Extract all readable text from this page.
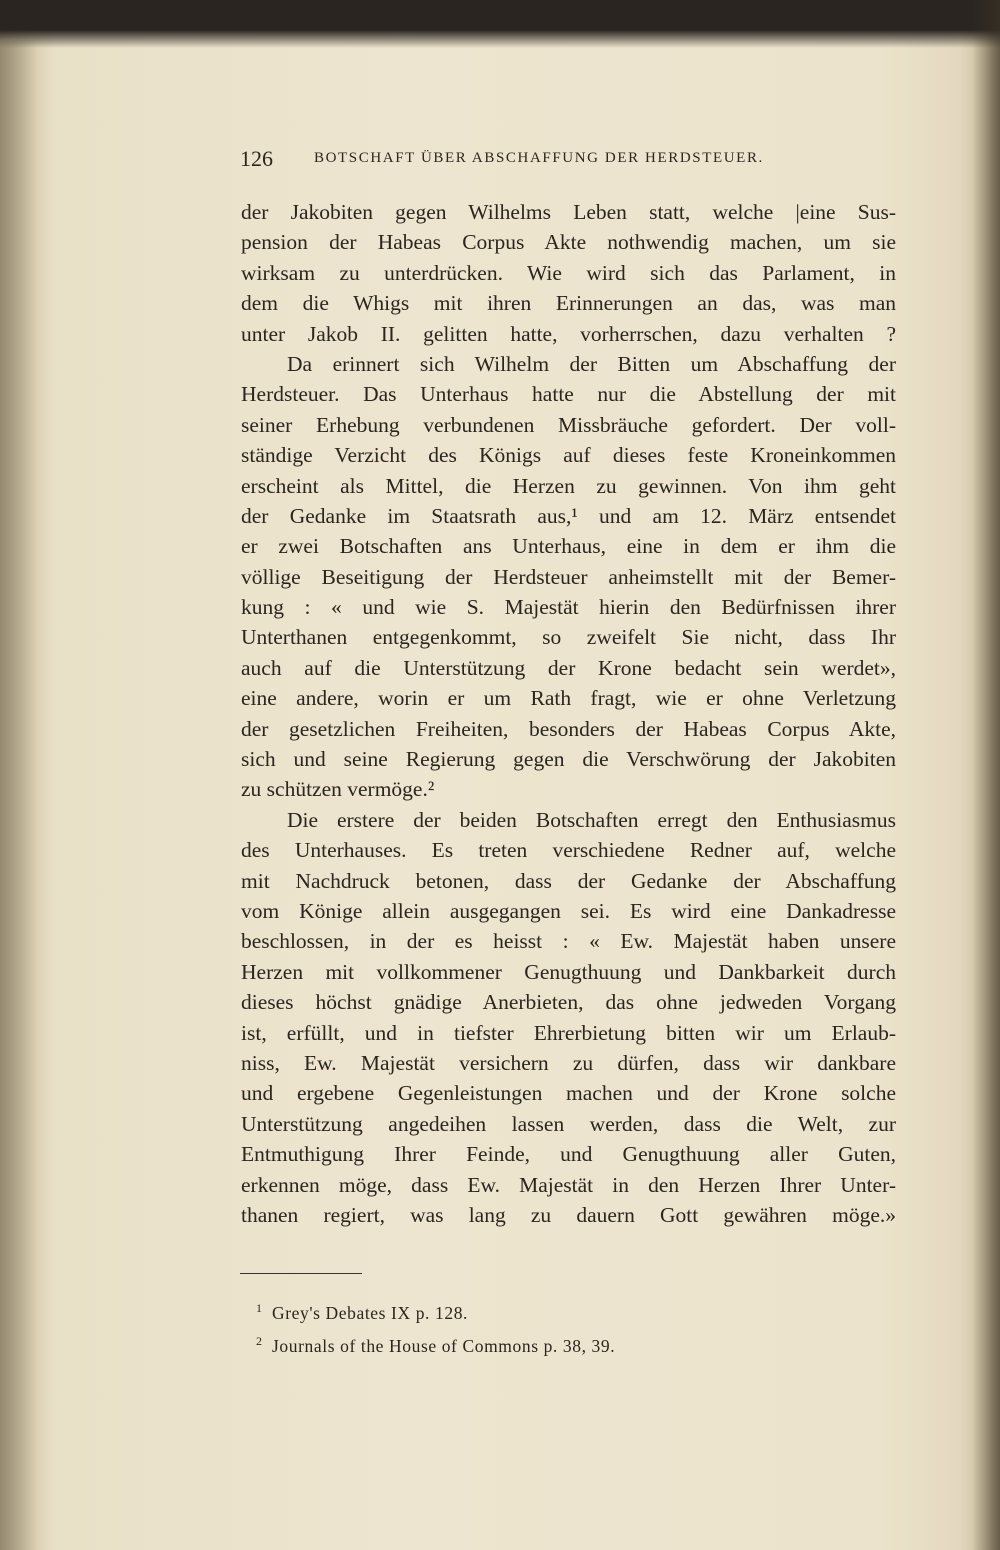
126	BOTSCHAFT ÜBER ABSCHAFFUNG DER HERDSTEUER.
der Jakobiten gegen Wilhelms Leben statt, welche |eine Sus-
pension der Habeas Corpus Akte nothwendig machen, um sie
wirksam zu unterdrücken. Wie wird sich das Parlament, in
dem die Whigs mit ihren Erinnerungen an das, was man
unter Jakob II. gelitten hatte, vorherrschen, dazu verhalten ?
Da erinnert sich Wilhelm der Bitten um Abschaffung der
Herdsteuer. Das Unterhaus hatte nur die Abstellung der mit
seiner Erhebung verbundenen Missbräuche gefordert. Der voll-
ständige Verzicht des Königs auf dieses feste Kroneinkommen
erscheint als Mittel, die Herzen zu gewinnen. Von ihm geht
der Gedanke im Staatsrath aus,¹ und am 12. März entsendet
er zwei Botschaften ans Unterhaus, eine in dem er ihm die
völlige Beseitigung der Herdsteuer anheimstellt mit der Bemer-
kung : « und wie S. Majestät hierin den Bedürfnissen ihrer
Unterthanen entgegenkommt, so zweifelt Sie nicht, dass Ihr
auch auf die Unterstützung der Krone bedacht sein werdet»,
eine andere, worin er um Rath fragt, wie er ohne Verletzung
der gesetzlichen Freiheiten, besonders der Habeas Corpus Akte,
sich und seine Regierung gegen die Verschwörung der Jakobiten
zu schützen vermöge.²
Die erstere der beiden Botschaften erregt den Enthusiasmus
des Unterhauses. Es treten verschiedene Redner auf, welche
mit Nachdruck betonen, dass der Gedanke der Abschaffung
vom Könige allein ausgegangen sei. Es wird eine Dankadresse
beschlossen, in der es heisst : « Ew. Majestät haben unsere
Herzen mit vollkommener Genugthuung und Dankbarkeit durch
dieses höchst gnädige Anerbieten, das ohne jedweden Vorgang
ist, erfüllt, und in tiefster Ehrerbietung bitten wir um Erlaub-
niss, Ew. Majestät versichern zu dürfen, dass wir dankbare
und ergebene Gegenleistungen machen und der Krone solche
Unterstützung angedeihen lassen werden, dass die Welt, zur
Entmuthigung Ihrer Feinde, und Genugthuung aller Guten,
erkennen möge, dass Ew. Majestät in den Herzen Ihrer Unter-
thanen regiert, was lang zu dauern Gott gewähren möge.»
1 Grey's Debates IX p. 128.
2 Journals of the House of Commons p. 38, 39.
